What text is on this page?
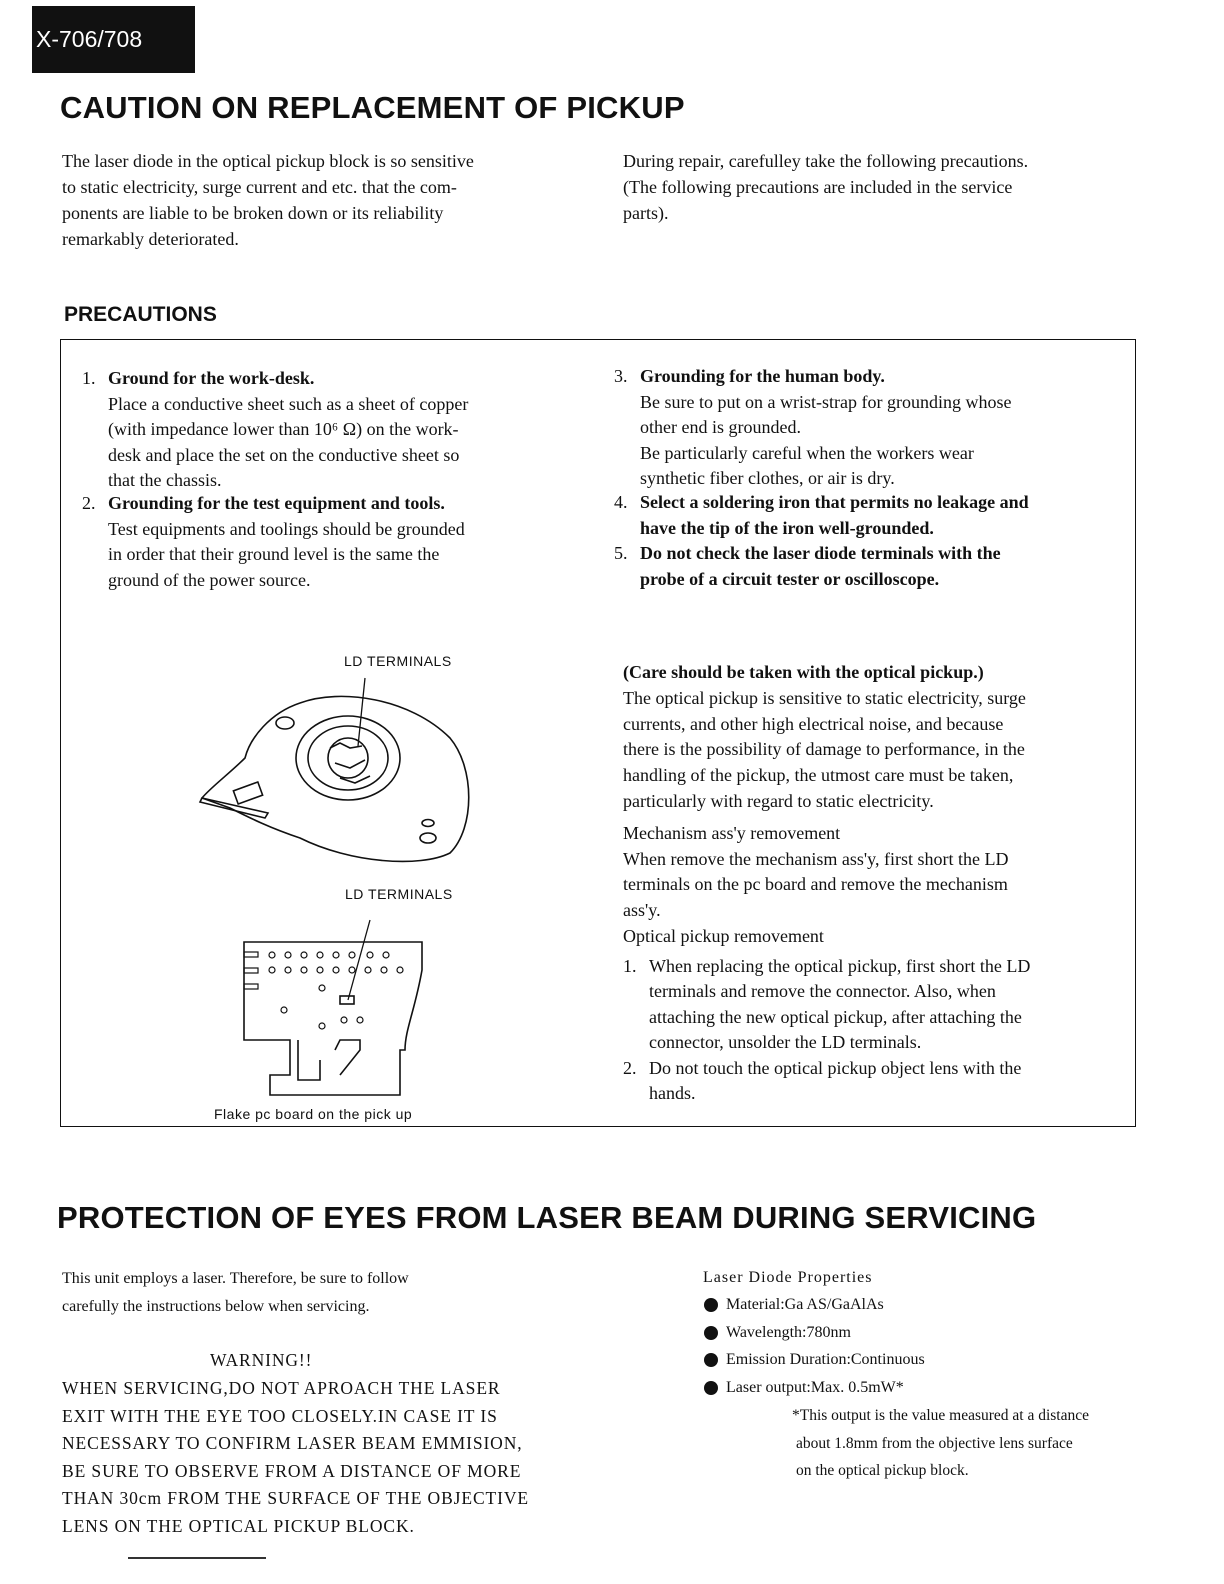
X-706/708
CAUTION ON REPLACEMENT OF PICKUP
The laser diode in the optical pickup block is so sensitive
to static electricity, surge current and etc. that the com-
ponents are liable to be broken down or its reliability
remarkably deteriorated.
During repair, carefulley take the following precautions.
(The following precautions are included in the service
parts).
PRECAUTIONS
1. Ground for the work-desk.
Place a conductive sheet such as a sheet of copper
(with impedance lower than 10⁶ Ω) on the work-
desk and place the set on the conductive sheet so
that the chassis.
2. Grounding for the test equipment and tools.
Test equipments and toolings should be grounded
in order that their ground level is the same the
ground of the power source.
3. Grounding for the human body.
Be sure to put on a wrist-strap for grounding whose
other end is grounded.
Be particularly careful when the workers wear
synthetic fiber clothes, or air is dry.
4. Select a soldering iron that permits no leakage and
have the tip of the iron well-grounded.
5. Do not check the laser diode terminals with the
probe of a circuit tester or oscilloscope.
LD TERMINALS
LD TERMINALS
Flake pc board on the pick up
(Care should be taken with the optical pickup.)
The optical pickup is sensitive to static electricity, surge
currents, and other high electrical noise, and because
there is the possibility of damage to performance, in the
handling of the pickup, the utmost care must be taken,
particularly with regard to static electricity.
Mechanism ass'y removement
When remove the mechanism ass'y, first short the LD
terminals on the pc board and remove the mechanism
ass'y.
Optical pickup removement
1. When replacing the optical pickup, first short the LD
terminals and remove the connector. Also, when
attaching the new optical pickup, after attaching the
connector, unsolder the LD terminals.
2. Do not touch the optical pickup object lens with the
hands.
PROTECTION OF EYES FROM LASER BEAM DURING SERVICING
This unit employs a laser. Therefore, be sure to follow
carefully the instructions below when servicing.
WARNING!!
WHEN SERVICING,DO NOT APROACH THE LASER
EXIT WITH THE EYE TOO CLOSELY.IN CASE IT IS
NECESSARY TO CONFIRM LASER BEAM EMMISION,
BE SURE TO OBSERVE FROM A DISTANCE OF MORE
THAN 30cm FROM THE SURFACE OF THE OBJECTIVE
LENS ON THE OPTICAL PICKUP BLOCK.
Laser Diode Properties
Material:Ga AS/GaAlAs
Wavelength:780nm
Emission Duration:Continuous
Laser output:Max. 0.5mW*
*This output is the value measured at a distance
about 1.8mm from the objective lens surface
on the optical pickup block.
